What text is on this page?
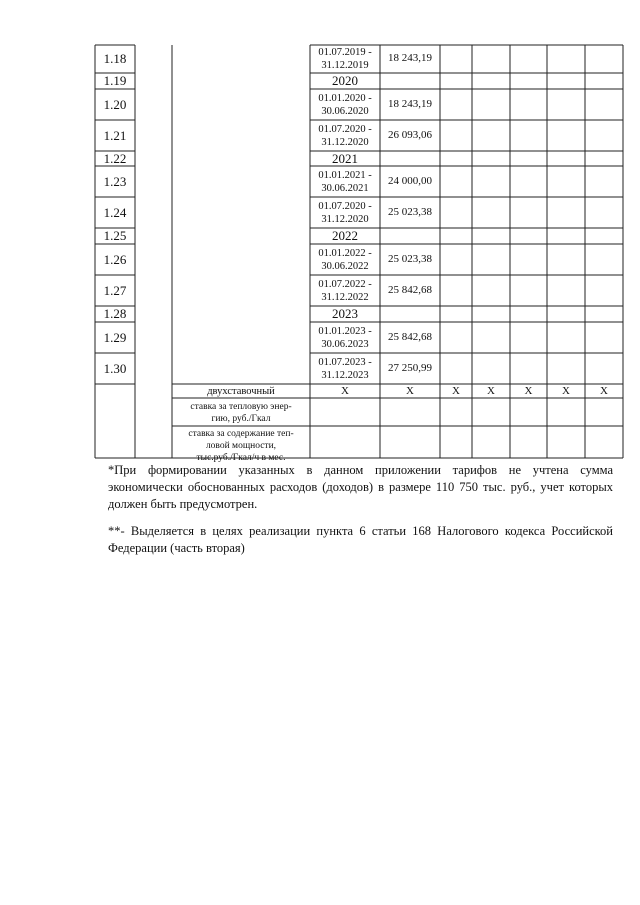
1.18	01.07.2019 -
31.12.2019
18 243,19
1.19	2020
1.20	01.01.2020 -
30.06.2020
18 243,19
1.21	01.07.2020 -
31.12.2020
26 093,06
1.22	2021
1.23	01.01.2021 -
30.06.2021
24 000,00
1.24	01.07.2020 -
31.12.2020
25 023,38
1.25	2022
1.26	01.01.2022 -
30.06.2022
25 023,38
1.27	01.07.2022 -
31.12.2022
25 842,68
1.28	2023
1.29	01.01.2023 -
30.06.2023
25 842,68
1.30	01.07.2023 -
31.12.2023
27 250,99
двухставочный	X	X	X	X	X	X	X
ставка за тепловую энер-
гию, руб./Гкал
ставка за содержание теп-
ловой мощности,
тыс.руб./Гкал/ч в мес.
*При формировании указанных в данном приложении тарифов не учтена сумма экономически обоснованных расходов (доходов) в размере 110 750 тыс. руб., учет которых должен быть предусмотрен.
**- Выделяется в целях реализации пункта 6 статьи 168 Налогового кодекса Российской Федерации (часть вторая)
